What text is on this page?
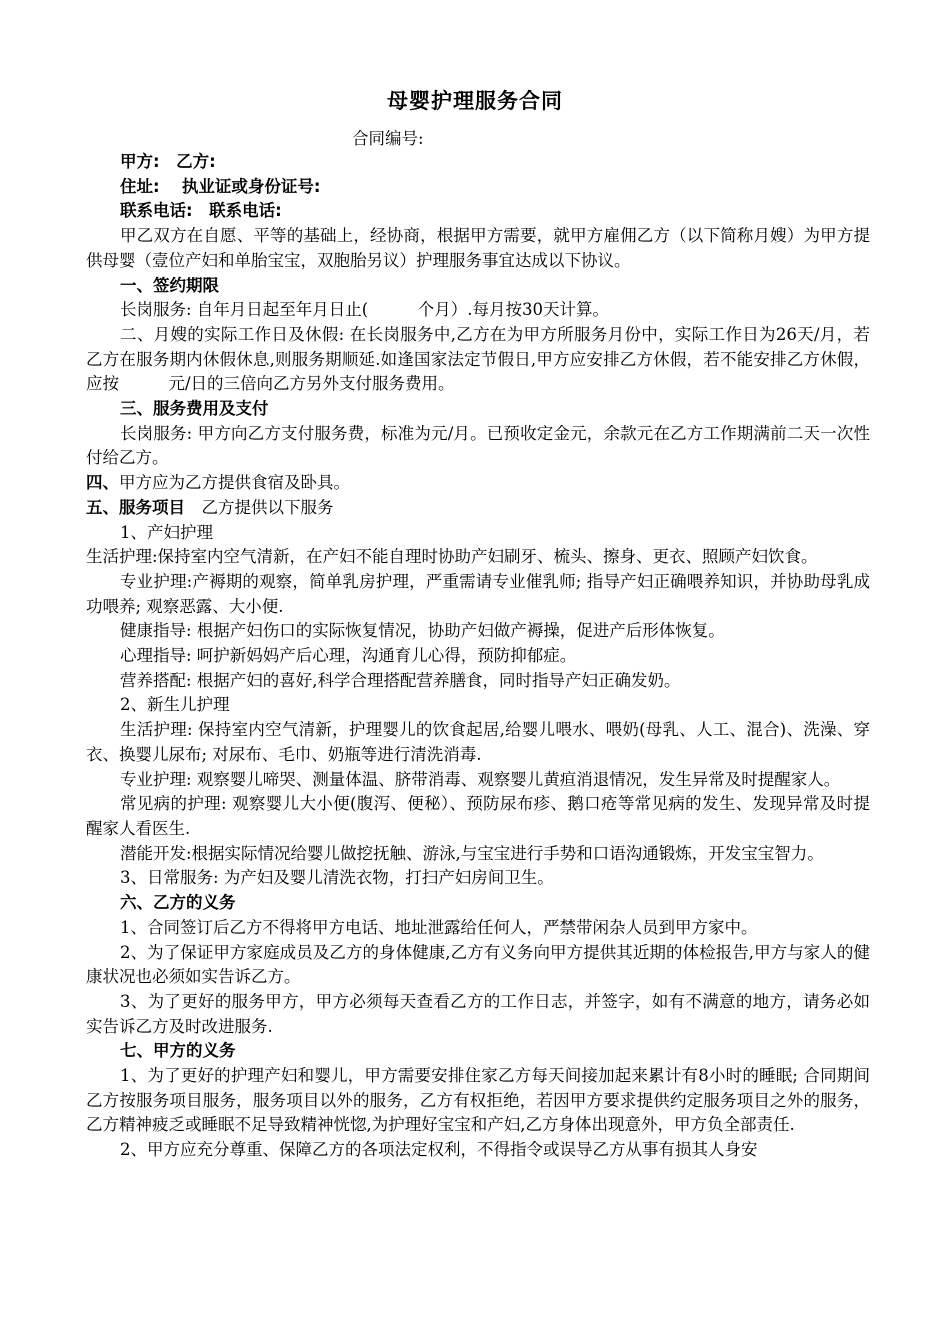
母婴护理服务合同
合同编号:

甲方:　乙方:

住址:　 执业证或身份证号:

联系电话:　联系电话:

甲乙双方在自愿、平等的基础上，经协商，根据甲方需要，就甲方雇佣乙方（以下简称月嫂）为甲方提供母婴（壹位产妇和单胎宝宝，双胞胎另议）护理服务事宜达成以下协议。

一、签约期限

长岗服务: 自年月日起至年月日止(　　　个月）.每月按30天计算。

二、月嫂的实际工作日及休假: 在长岗服务中,乙方在为甲方所服务月份中，实际工作日为26天/月，若乙方在服务期内休假休息,则服务期顺延.如逢国家法定节假日,甲方应安排乙方休假，若不能安排乙方休假，应按　　　元/日的三倍向乙方另外支付服务费用。

三、服务费用及支付

长岗服务: 甲方向乙方支付服务费，标准为元/月。已预收定金元，余款元在乙方工作期满前二天一次性付给乙方。

四、甲方应为乙方提供食宿及卧具。

五、服务项目　乙方提供以下服务

1、产妇护理

生活护理:保持室内空气清新，在产妇不能自理时协助产妇刷牙、梳头、擦身、更衣、照顾产妇饮食。

专业护理:产褥期的观察，简单乳房护理，严重需请专业催乳师; 指导产妇正确喂养知识，并协助母乳成功喂养; 观察恶露、大小便.

健康指导: 根据产妇伤口的实际恢复情况，协助产妇做产褥操，促进产后形体恢复。

心理指导: 呵护新妈妈产后心理，沟通育儿心得，预防抑郁症。

营养搭配: 根据产妇的喜好,科学合理搭配营养膳食，同时指导产妇正确发奶。

2、新生儿护理

生活护理: 保持室内空气清新，护理婴儿的饮食起居,给婴儿喂水、喂奶(母乳、人工、混合)、洗澡、穿衣、换婴儿尿布; 对尿布、毛巾、奶瓶等进行清洗消毒.

专业护理: 观察婴儿啼哭、测量体温、脐带消毒、观察婴儿黄疸消退情况，发生异常及时提醒家人。

常见病的护理: 观察婴儿大小便(腹泻、便秘）、预防尿布疹、鹅口疮等常见病的发生、发现异常及时提醒家人看医生.

潜能开发:根据实际情况给婴儿做挖抚触、游泳,与宝宝进行手势和口语沟通锻炼，开发宝宝智力。

3、日常服务: 为产妇及婴儿清洗衣物，打扫产妇房间卫生。

六、乙方的义务

1、合同签订后乙方不得将甲方电话、地址泄露给任何人，严禁带闲杂人员到甲方家中。

2、为了保证甲方家庭成员及乙方的身体健康,乙方有义务向甲方提供其近期的体检报告,甲方与家人的健康状况也必须如实告诉乙方。

3、为了更好的服务甲方，甲方必须每天查看乙方的工作日志，并签字，如有不满意的地方，请务必如实告诉乙方及时改进服务.

七、甲方的义务

1、为了更好的护理产妇和婴儿，甲方需要安排住家乙方每天间接加起来累计有8小时的睡眠; 合同期间乙方按服务项目服务，服务项目以外的服务，乙方有权拒绝，若因甲方要求提供约定服务项目之外的服务，乙方精神疲乏或睡眠不足导致精神恍惚,为护理好宝宝和产妇,乙方身体出现意外，甲方负全部责任.

2、甲方应充分尊重、保障乙方的各项法定权利，不得指令或误导乙方从事有损其人身安
